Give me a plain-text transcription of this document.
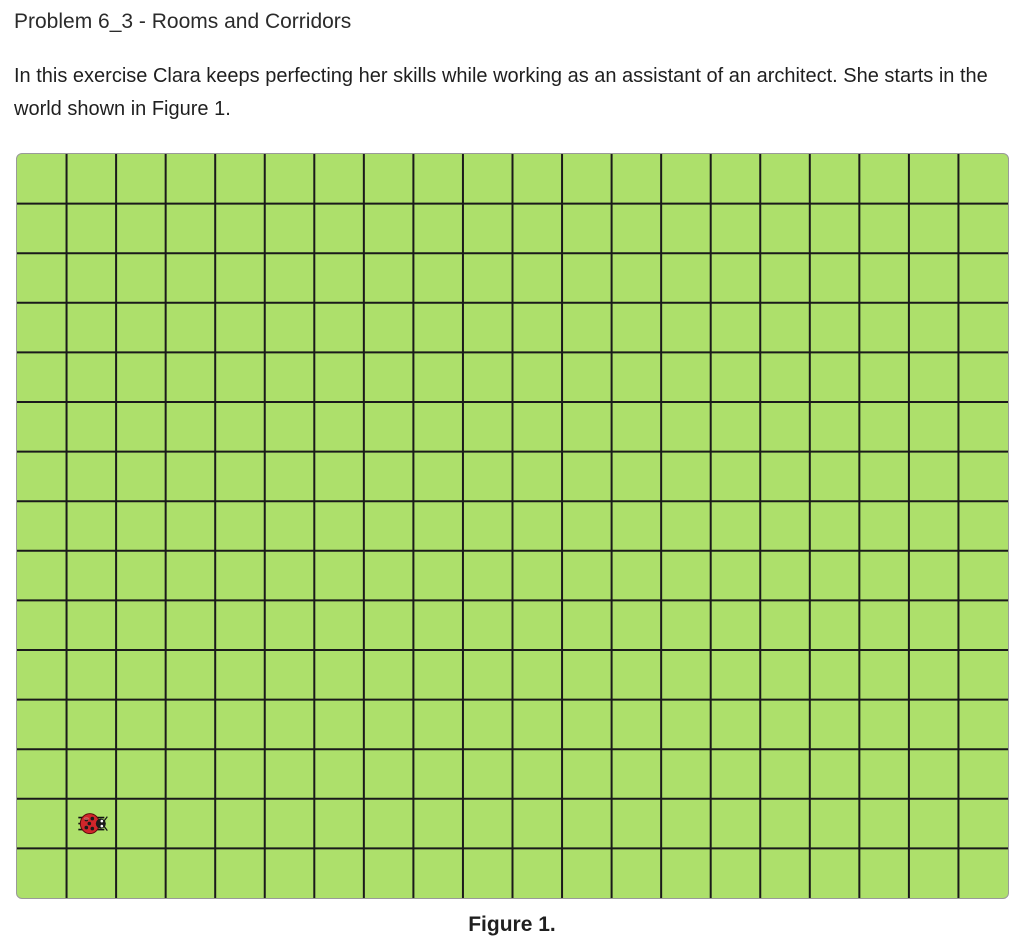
Problem 6_3 - Rooms and Corridors
In this exercise Clara keeps perfecting her skills while working as an assistant of an architect. She starts in the world shown in Figure 1.
Figure 1.
